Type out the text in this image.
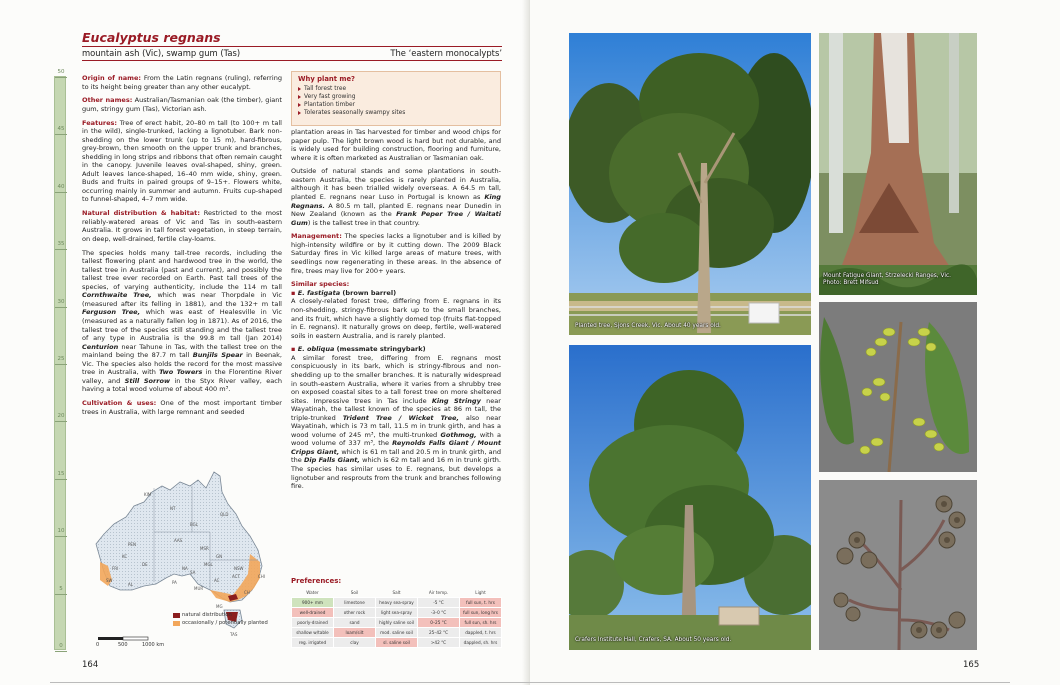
Eucalyptus regnans
mountain ash (Vic), swamp gum (Tas)	The ‘eastern monocalypts’
50
45
40
35
30
25
20
15
10
5
0

Origin of name: From the Latin regnans (ruling), referring to its height being greater than any other eucalypt.

Other names: Australian/Tasmanian oak (the timber), giant gum, stringy gum (Tas), Victorian ash.

Features: Tree of erect habit, 20–80 m tall (to 100+ m tall in the wild), single-trunked, lacking a lignotuber. Bark non-shedding on the lower trunk (up to 15 m), hard-fibrous, grey-brown, then smooth on the upper trunk and branches, shedding in long strips and ribbons that often remain caught in the canopy. Juvenile leaves oval-shaped, shiny, green. Adult leaves lance-shaped, 16–40 mm wide, shiny, green. Buds and fruits in paired groups of 9–15+. Flowers white, occurring mainly in summer and autumn. Fruits cup-shaped to funnel-shaped, 4–7 mm wide.

Natural distribution & habitat: Restricted to the most reliably-watered areas of Vic and Tas in south-eastern Australia. It grows in tall forest vegetation, in steep terrain, on deep, well-drained, fertile clay-loams.

The species holds many tall-tree records, including the tallest flowering plant and hardwood tree in the world, the tallest tree in Australia (past and current), and possibly the tallest tree ever recorded on Earth. Past tall trees of the species, of varying authenticity, include the 114 m tall Cornthwaite Tree, which was near Thorpdale in Vic (measured after its felling in 1881), and the 132+ m tall Ferguson Tree, which was east of Healesville in Vic (measured as a naturally fallen log in 1871). As of 2016, the tallest tree of the species still standing and the tallest tree of any type in Australia is the 99.8 m tall (Jan 2014) Centurion near Tahune in Tas, with the tallest tree on the mainland being the 87.7 m tall Bunjils Spear in Beenak, Vic. The species also holds the record for the most massive tree in Australia, with Two Towers in the Florentine River valley, and Still Sorrow in the Styx River valley, each having a total wood volume of about 400 m³.

Cultivation & uses: One of the most important timber trees in Australia, with large remnant and seeded

Why plant me?
Tall forest tree
Very fast growing
Plantation timber
Tolerates seasonally swampy sites

plantation areas in Tas harvested for timber and wood chips for paper pulp. The light brown wood is hard but not durable, and is widely used for building construction, flooring and furniture, where it is often marketed as Australian or Tasmanian oak.

Outside of natural stands and some plantations in south-eastern Australia, the species is rarely planted in Australia, although it has been trialled widely overseas. A 64.5 m tall, planted E. regnans near Luso in Portugal is known as King Regnans. A 80.5 m tall, planted E. regnans near Dunedin in New Zealand (known as the Frank Peper Tree / Waitati Gum) is the tallest tree in that country.

Management: The species lacks a lignotuber and is killed by high-intensity wildfire or by it cutting down. The 2009 Black Saturday fires in Vic killed large areas of mature trees, with seedlings now regenerating in these areas. In the absence of fire, trees may live for 200+ years.

Similar species:
▪ E. fastigata (brown barrel)
A closely-related forest tree, differing from E. regnans in its non-shedding, stringy-fibrous bark up to the small branches, and its fruit, which have a slightly domed top (fruits flat-topped in E. regnans). It naturally grows on deep, fertile, well-watered soils in eastern Australia, and is rarely planted.

▪ E. obliqua (messmate stringybark)
A similar forest tree, differing from E. regnans most conspicuously in its bark, which is stringy-fibrous and non-shedding up to the smaller branches. It is naturally widespread in south-eastern Australia, where it varies from a shrubby tree on exposed coastal sites to a tall forest tree on more sheltered sites. Impressive trees in Tas include King Stringy near Wayatinah, the tallest known of the species at 86 m tall, the triple-trunked Trident Tree / Wicket Tree, also near Wayatinah, which is 73 m tall, 11.5 m in trunk girth, and has a wood volume of 245 m³, the multi-trunked Gothmog, with a wood volume of 337 m³, the Reynolds Falls Giant / Mount Cripps Giant, which is 61 m tall and 20.5 m in trunk girth, and the Dip Falls Giant, which is 62 m tall and 16 m in trunk girth. The species has similar uses to E. regnans, but develops a lignotuber and resprouts from the trunk and branches following fire.

KIM
NT
QLD
AAS
ACT
NSW
GN
PEN
BGL
MSR
MGL
CHI
AC
NA
SA
PA
DE
KC
FRI
SW
MUR
AL
MG
TAS
CH
natural distribution
occasionally / potentially planted
0	500	1000 km
Preferences:
Water	Soil	Salt	Air temp.	Light
900+ mm	limestone	heavy sea-spray	-5 °C	full sun, t. hrs
well-drained	other rock	light sea-spray	-3–0 °C	full sun, long hrs
poorly-drained	sand	highly saline soil	0–25 °C	full sun, sh. hrs
shallow w/table	loam/silt	mod. saline soil	25–42 °C	dappled, t. hrs
reg. irrigated	clay	sl. saline soil	>42 °C	dappled, sh. hrs
164
Planted tree, Sjons Creek, Vic. About 40 years old.
Mount Fatigue Giant, Strzelecki Ranges, Vic.
Photo: Brett Mifsud
Crafers Institute Hall, Crafers, SA. About 50 years old.
165
